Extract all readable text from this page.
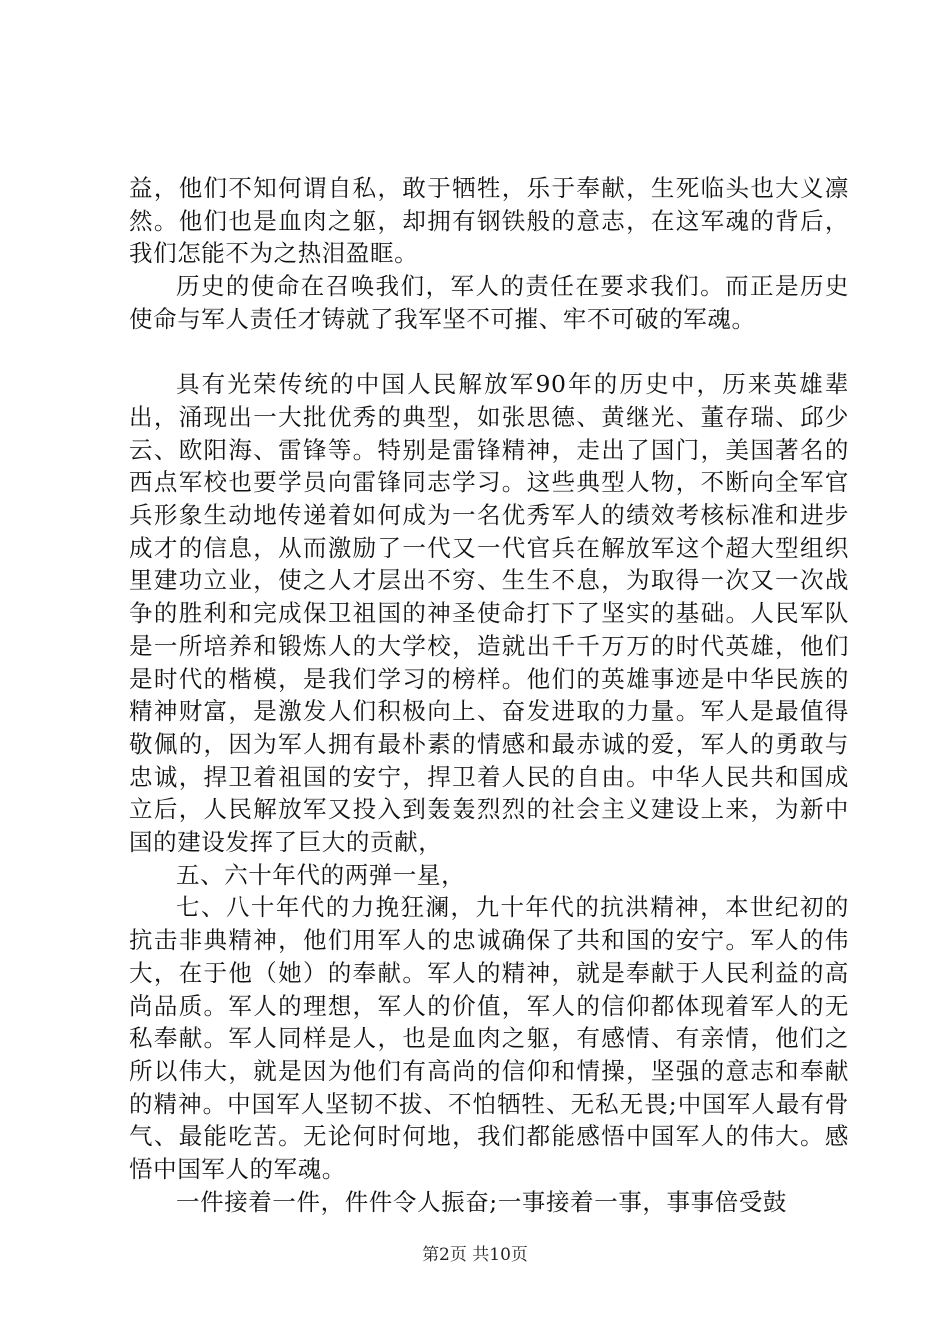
益，他们不知何谓自私，敢于牺牲，乐于奉献，生死临头也大义凛然。他们也是血肉之躯，却拥有钢铁般的意志，在这军魂的背后，我们怎能不为之热泪盈眶。

历史的使命在召唤我们，军人的责任在要求我们。而正是历史使命与军人责任才铸就了我军坚不可摧、牢不可破的军魂。

具有光荣传统的中国人民解放军90年的历史中，历来英雄辈出，涌现出一大批优秀的典型，如张思德、黄继光、董存瑞、邱少云、欧阳海、雷锋等。特别是雷锋精神，走出了国门，美国著名的西点军校也要学员向雷锋同志学习。这些典型人物，不断向全军官兵形象生动地传递着如何成为一名优秀军人的绩效考核标准和进步成才的信息，从而激励了一代又一代官兵在解放军这个超大型组织里建功立业，使之人才层出不穷、生生不息，为取得一次又一次战争的胜利和完成保卫祖国的神圣使命打下了坚实的基础。人民军队是一所培养和锻炼人的大学校，造就出千千万万的时代英雄，他们是时代的楷模，是我们学习的榜样。他们的英雄事迹是中华民族的精神财富，是激发人们积极向上、奋发进取的力量。军人是最值得敬佩的，因为军人拥有最朴素的情感和最赤诚的爱，军人的勇敢与忠诚，捍卫着祖国的安宁，捍卫着人民的自由。中华人民共和国成立后，人民解放军又投入到轰轰烈烈的社会主义建设上来，为新中国的建设发挥了巨大的贡献，

五、六十年代的两弹一星，

七、八十年代的力挽狂澜，九十年代的抗洪精神，本世纪初的抗击非典精神，他们用军人的忠诚确保了共和国的安宁。军人的伟大，在于他（她）的奉献。军人的精神，就是奉献于人民利益的高尚品质。军人的理想，军人的价值，军人的信仰都体现着军人的无私奉献。军人同样是人，也是血肉之躯，有感情、有亲情，他们之所以伟大，就是因为他们有高尚的信仰和情操，坚强的意志和奉献的精神。中国军人坚韧不拔、不怕牺牲、无私无畏;中国军人最有骨气、最能吃苦。无论何时何地，我们都能感悟中国军人的伟大。感悟中国军人的军魂。

一件接着一件，件件令人振奋;一事接着一事，事事倍受鼓

第2页 共10页
